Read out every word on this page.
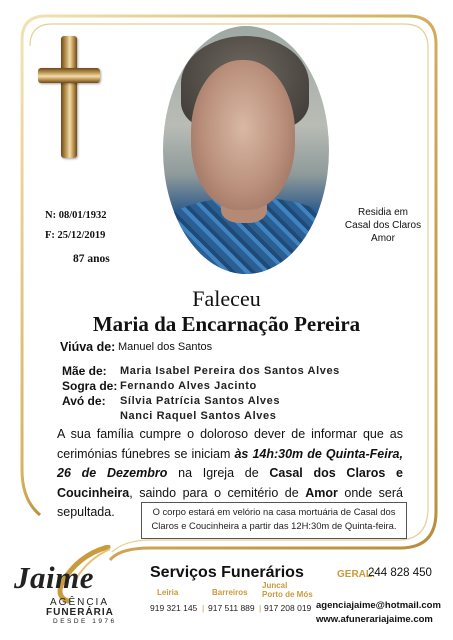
N: 08/01/1932
F: 25/12/2019
87 anos
Residia em
Casal dos Claros
Amor
Faleceu
Maria da Encarnação Pereira
Viúva de: Manuel dos Santos
Mãe de: Maria Isabel Pereira dos Santos Alves
Sogra de: Fernando Alves Jacinto
Avó de: Sílvia Patrícia Santos Alves
Nanci Raquel Santos Alves
A sua família cumpre o doloroso dever de informar que as cerimónias fúnebres se iniciam às 14h:30m de Quinta-Feira, 26 de Dezembro na Igreja de Casal dos Claros e Coucinheira, saindo para o cemitério de Amor onde será sepultada.	O corpo estará em velório na casa mortuária de Casal dos Claros e Coucinheira a partir das 12H:30m de Quinta-feira.
Jaime
AGÊNCIA
FUNERÁRIA
DESDE 1976
Serviços Funerários	GERAL:
244 828 450
Leiria	Barreiros
Juncal
Porto de Mós
919 321 145 | 917 511 889 | 917 208 019 agenciajaime@hotmail.com
www.afunerariajaime.com
